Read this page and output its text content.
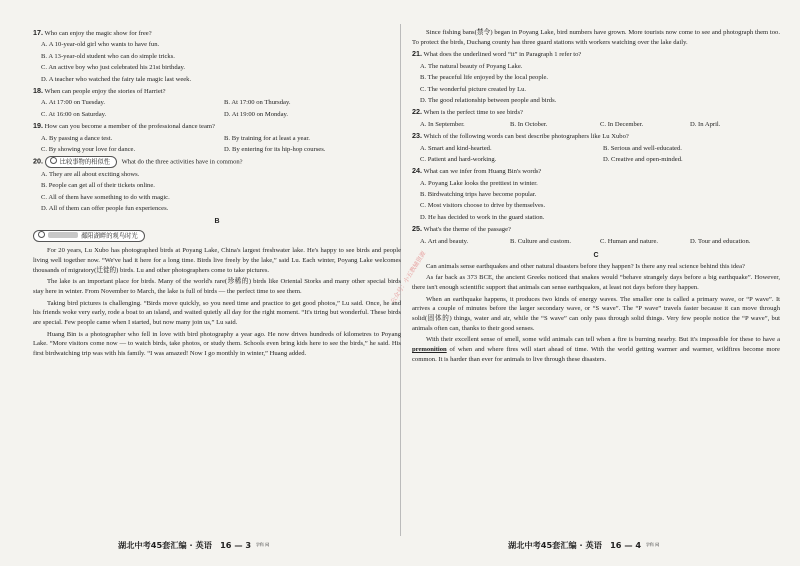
17. Who can enjoy the magic show for free?
A. A 10-year-old girl who wants to have fun.
B. A 13-year-old student who can do simple tricks.
C. An active boy who just celebrated his 21st birthday.
D. A teacher who watched the fairy tale magic last week.
18. When can people enjoy the stories of Harriet?
A. At 17:00 on Tuesday.	B. At 17:00 on Thursday.
C. At 16:00 on Saturday.	D. At 19:00 on Monday.
19. How can you become a member of the professional dance team?
A. By passing a dance test.	B. By training for at least a year.
C. By showing your love for dance.	D. By entering for its hip-hop courses.
20.	比较事物的相似性 What do the three activities have in common?
A. They are all about exciting shows.
B. People can get all of their tickets online.
C. All of them have something to do with magic.
D. All of them can offer people fun experiences.
B
鄱阳湖畔的观鸟时光

For 20 years, Lu Xubo has photographed birds at Poyang Lake, China's largest freshwater lake. He's happy to see birds and people living well together now. “We've had it here for a long time. Birds live freely by the lake,” said Lu. Each winter, Poyang Lake welcomes thousands of migratory(迁徙的) birds. Lu and other photographers come to take pictures.

The lake is an important place for birds. Many of the world's rare(珍稀的) birds like Oriental Storks and many other special birds stay here in winter. From November to March, the lake is full of birds — the perfect time to see them.

Taking bird pictures is challenging. “Birds move quickly, so you need time and practice to get good photos,” Lu said. Once, he and his friends woke very early, rode a boat to an island, and waited quietly all day for the right moment. “It's tiring but wonderful. These birds are special. Few people came when I started, but now many join us,” Lu said.

Huang Bin is a photographer who fell in love with bird photography a year ago. He now drives hundreds of kilometres to Poyang Lake. “More visitors come now — to watch birds, take photos, or study them. Schools even bring kids here to see the birds,” he said. His first birdwatching trip was with his family. “I was amazed! Now I go monthly in winter,” Huang added.

Since fishing bans(禁令) began in Poyang Lake, bird numbers have grown. More tourists now come to see and photograph them too. To protect the birds, Duchang county has three guard stations with workers watching over the lake daily.

21. What does the underlined word “it” in Paragraph 1 refer to?
A. The natural beauty of Poyang Lake.
B. The peaceful life enjoyed by the local people.
C. The wonderful picture created by Lu.
D. The good relationship between people and birds.
22. When is the perfect time to see birds?
A. In September.	B. In October.	C. In December.	D. In April.
23. Which of the following words can best describe photographers like Lu Xubo?
A. Smart and kind-hearted.	B. Serious and well-educated.
C. Patient and hard-working.	D. Creative and open-minded.
24. What can we infer from Huang Bin's words?
A. Poyang Lake looks the prettiest in winter.
B. Birdwatching trips have become popular.
C. Most visitors choose to drive by themselves.
D. He has decided to work in the guard station.
25. What's the theme of the passage?
A. Art and beauty.	B. Culture and custom.	C. Human and nature.	D. Tour and education.
C

Can animals sense earthquakes and other natural disasters before they happen? Is there any real science behind this idea?

As far back as 373 BCE, the ancient Greeks noticed that snakes would “behave strangely days before a big earthquake”. However, there isn't enough scientific support that animals can sense earthquakes, at least not days before they happen.

When an earthquake happens, it produces two kinds of energy waves. The smaller one is called a primary wave, or “P wave”. It arrives a couple of minutes before the larger secondary wave, or “S wave”. The “P wave” travels faster because it can move through solid(固体的) things, water and air, while the “S wave” can only pass through solid things. Very few people notice the “P wave”, but animals often can, thanks to their good senses.

With their excellent sense of smell, some wild animals can tell when a fire is burning nearby. But it's impossible for these to have a premonition of when and where fires will start ahead of time. With the world getting warmer and warmer, wildfires become more common. It is harder than ever for animals to live through these disasters.

公众号：小五教辅资源
湖北中考45套汇编 · 英语　16 — 3 学科 网	湖北中考45套汇编 · 英语　16 — 4 学科 网
